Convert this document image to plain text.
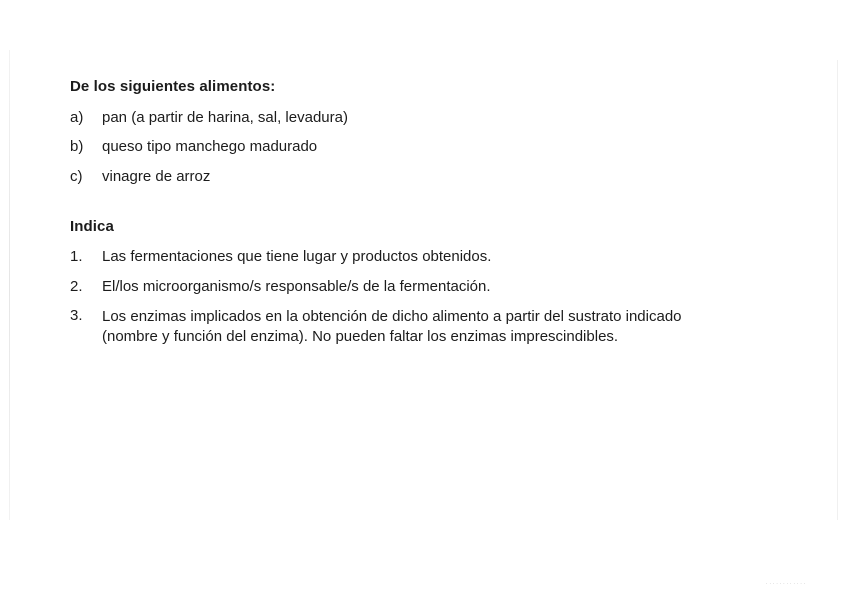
De los siguientes alimentos:
a) pan (a partir de harina, sal, levadura)
b) queso tipo manchego madurado
c) vinagre de arroz
Indica
1. Las fermentaciones que tiene lugar y productos obtenidos.
2. El/los microorganismo/s responsable/s de la fermentación.
3. Los enzimas implicados en la obtención de dicho alimento a partir del sustrato indicado
(nombre y función del enzima). No pueden faltar los enzimas imprescindibles.
· · · · · · · · · · · ·
